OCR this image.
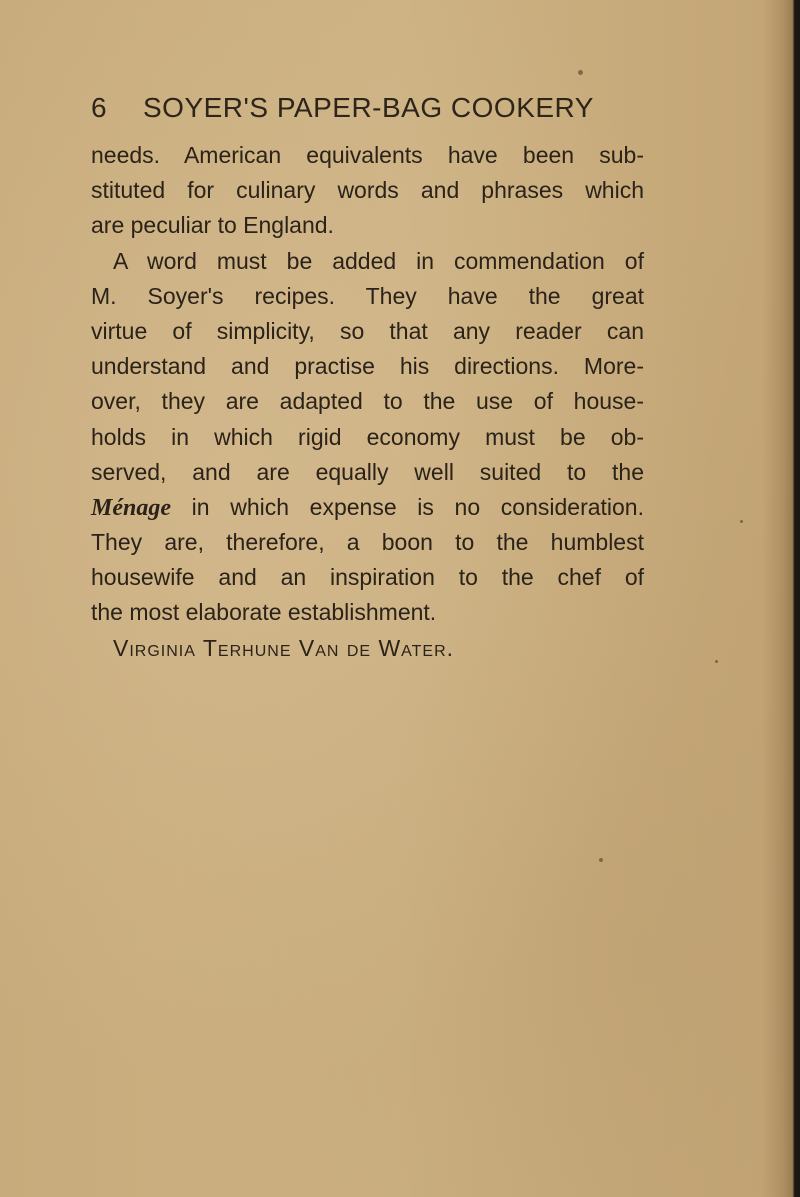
6 SOYER'S PAPER-BAG COOKERY
needs. American equivalents have been sub-
stituted for culinary words and phrases which
are peculiar to England.
A word must be added in commendation of
M. Soyer's recipes. They have the great
virtue of simplicity, so that any reader can
understand and practise his directions. More-
over, they are adapted to the use of house-
holds in which rigid economy must be ob-
served, and are equally well suited to the
Ménage in which expense is no consideration.
They are, therefore, a boon to the humblest
housewife and an inspiration to the chef of
the most elaborate establishment.
Virginia Terhune Van de Water.
